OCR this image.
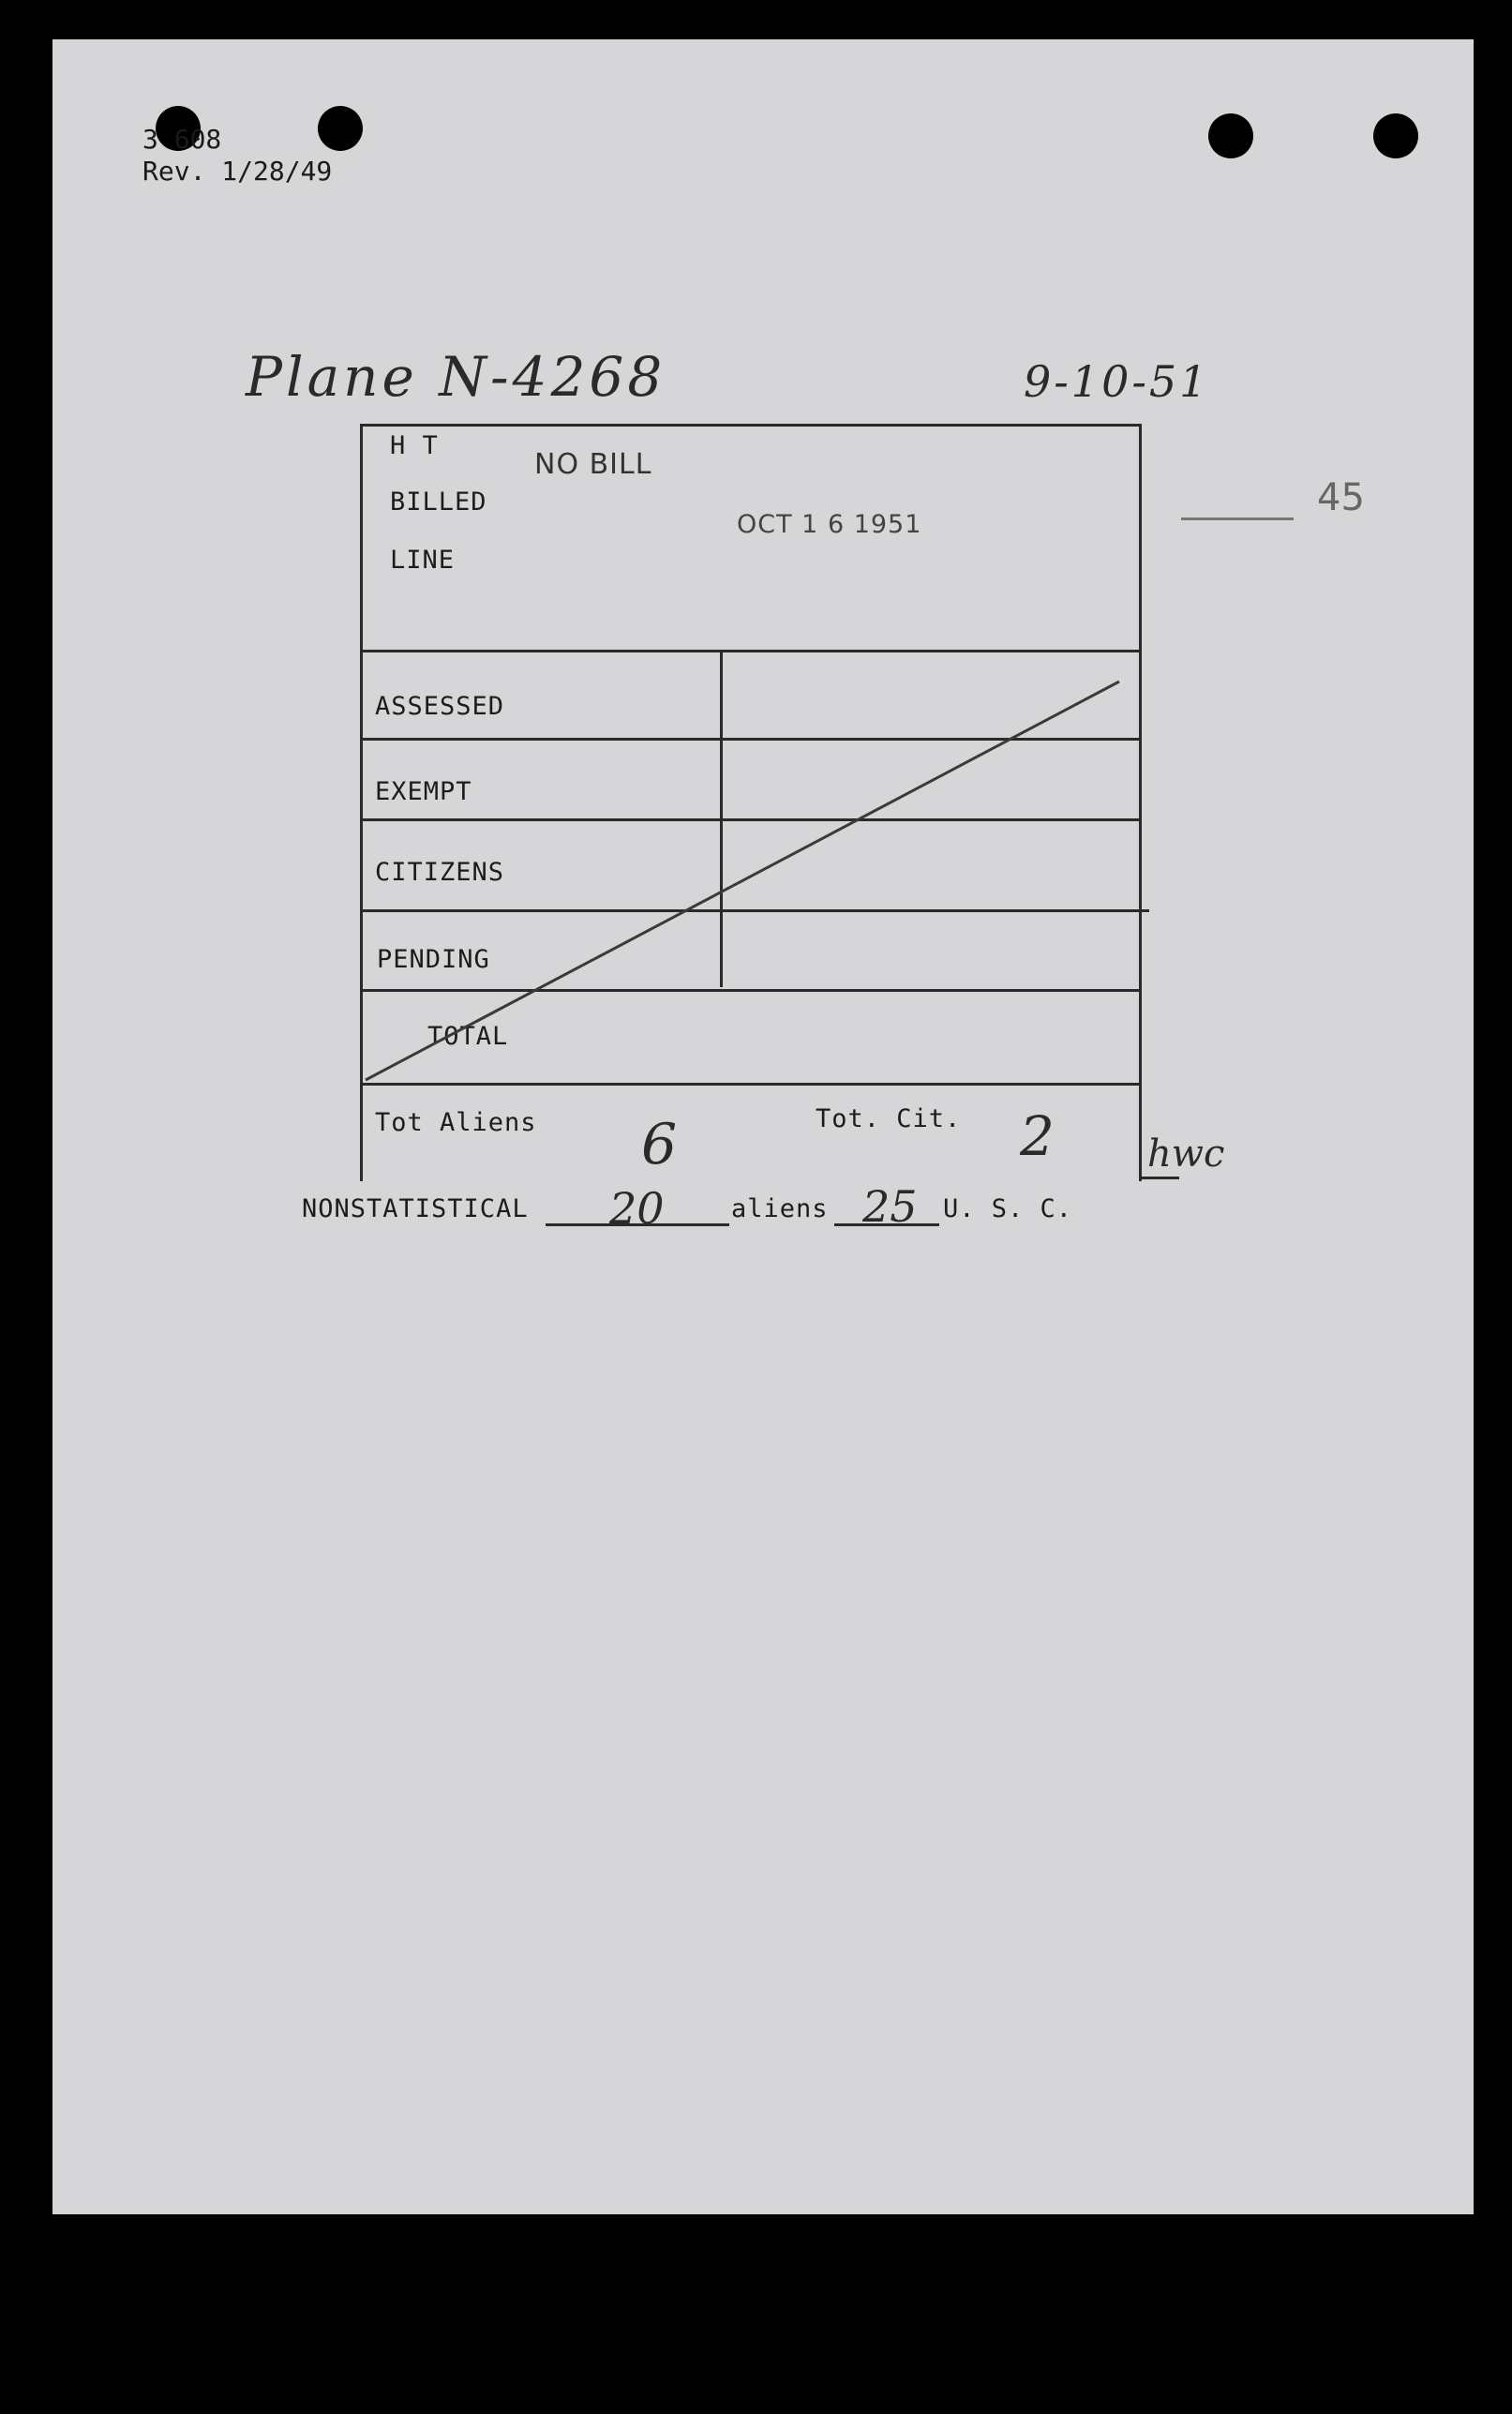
3 608
Rev. 1/28/49
Plane N-4268	9-10-51
45
H T
BILLED
LINE
NO BILL
OCT 1 6 1951
ASSESSED
EXEMPT
CITIZENS
PENDING
TOTAL
Tot Aliens 6	Tot. Cit. 2 hwc
NONSTATISTICAL 20	aliens 25 U. S. C.
